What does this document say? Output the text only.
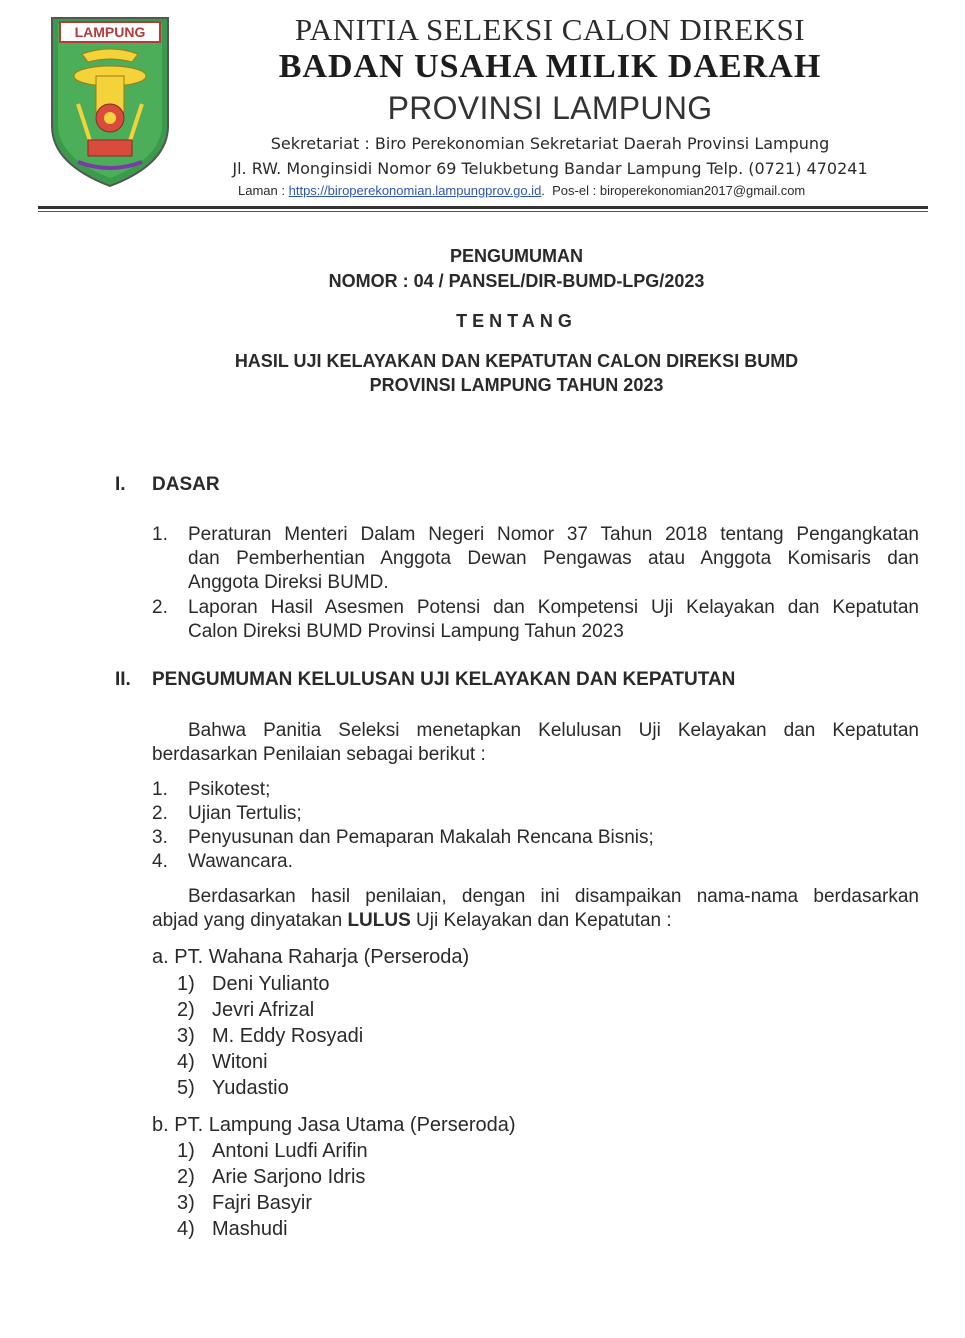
LAMPUNG	PANITIA SELEKSI CALON DIREKSI
BADAN USAHA MILIK DAERAH
PROVINSI LAMPUNG
Sekretariat : Biro Perekonomian Sekretariat Daerah Provinsi Lampung
Jl. RW. Monginsidi Nomor 69 Telukbetung Bandar Lampung Telp. (0721) 470241
Laman : https://biroperekonomian.lampungprov.go.id.  Pos-el : biroperekonomian2017@gmail.com
PENGUMUMAN
NOMOR : 04 / PANSEL/DIR-BUMD-LPG/2023
TENTANG
HASIL UJI KELAYAKAN DAN KEPATUTAN CALON DIREKSI BUMD
PROVINSI LAMPUNG TAHUN 2023
I. DASAR
1. Peraturan Menteri Dalam Negeri Nomor 37 Tahun 2018 tentang Pengangkatan
dan Pemberhentian Anggota Dewan Pengawas atau Anggota Komisaris dan
Anggota Direksi BUMD.
2. Laporan Hasil Asesmen Potensi dan Kompetensi Uji Kelayakan dan Kepatutan
Calon Direksi BUMD Provinsi Lampung Tahun 2023
II. PENGUMUMAN KELULUSAN UJI KELAYAKAN DAN KEPATUTAN
Bahwa Panitia Seleksi menetapkan Kelulusan Uji Kelayakan dan Kepatutan
berdasarkan Penilaian sebagai berikut :
1. Psikotest;
2. Ujian Tertulis;
3. Penyusunan dan Pemaparan Makalah Rencana Bisnis;
4. Wawancara.
Berdasarkan hasil penilaian, dengan ini disampaikan nama-nama berdasarkan
abjad yang dinyatakan LULUS Uji Kelayakan dan Kepatutan :
a. PT. Wahana Raharja (Perseroda)
1) Deni Yulianto
2) Jevri Afrizal
3) M. Eddy Rosyadi
4) Witoni
5) Yudastio
b. PT. Lampung Jasa Utama (Perseroda)
1) Antoni Ludfi Arifin
2) Arie Sarjono Idris
3) Fajri Basyir
4) Mashudi
